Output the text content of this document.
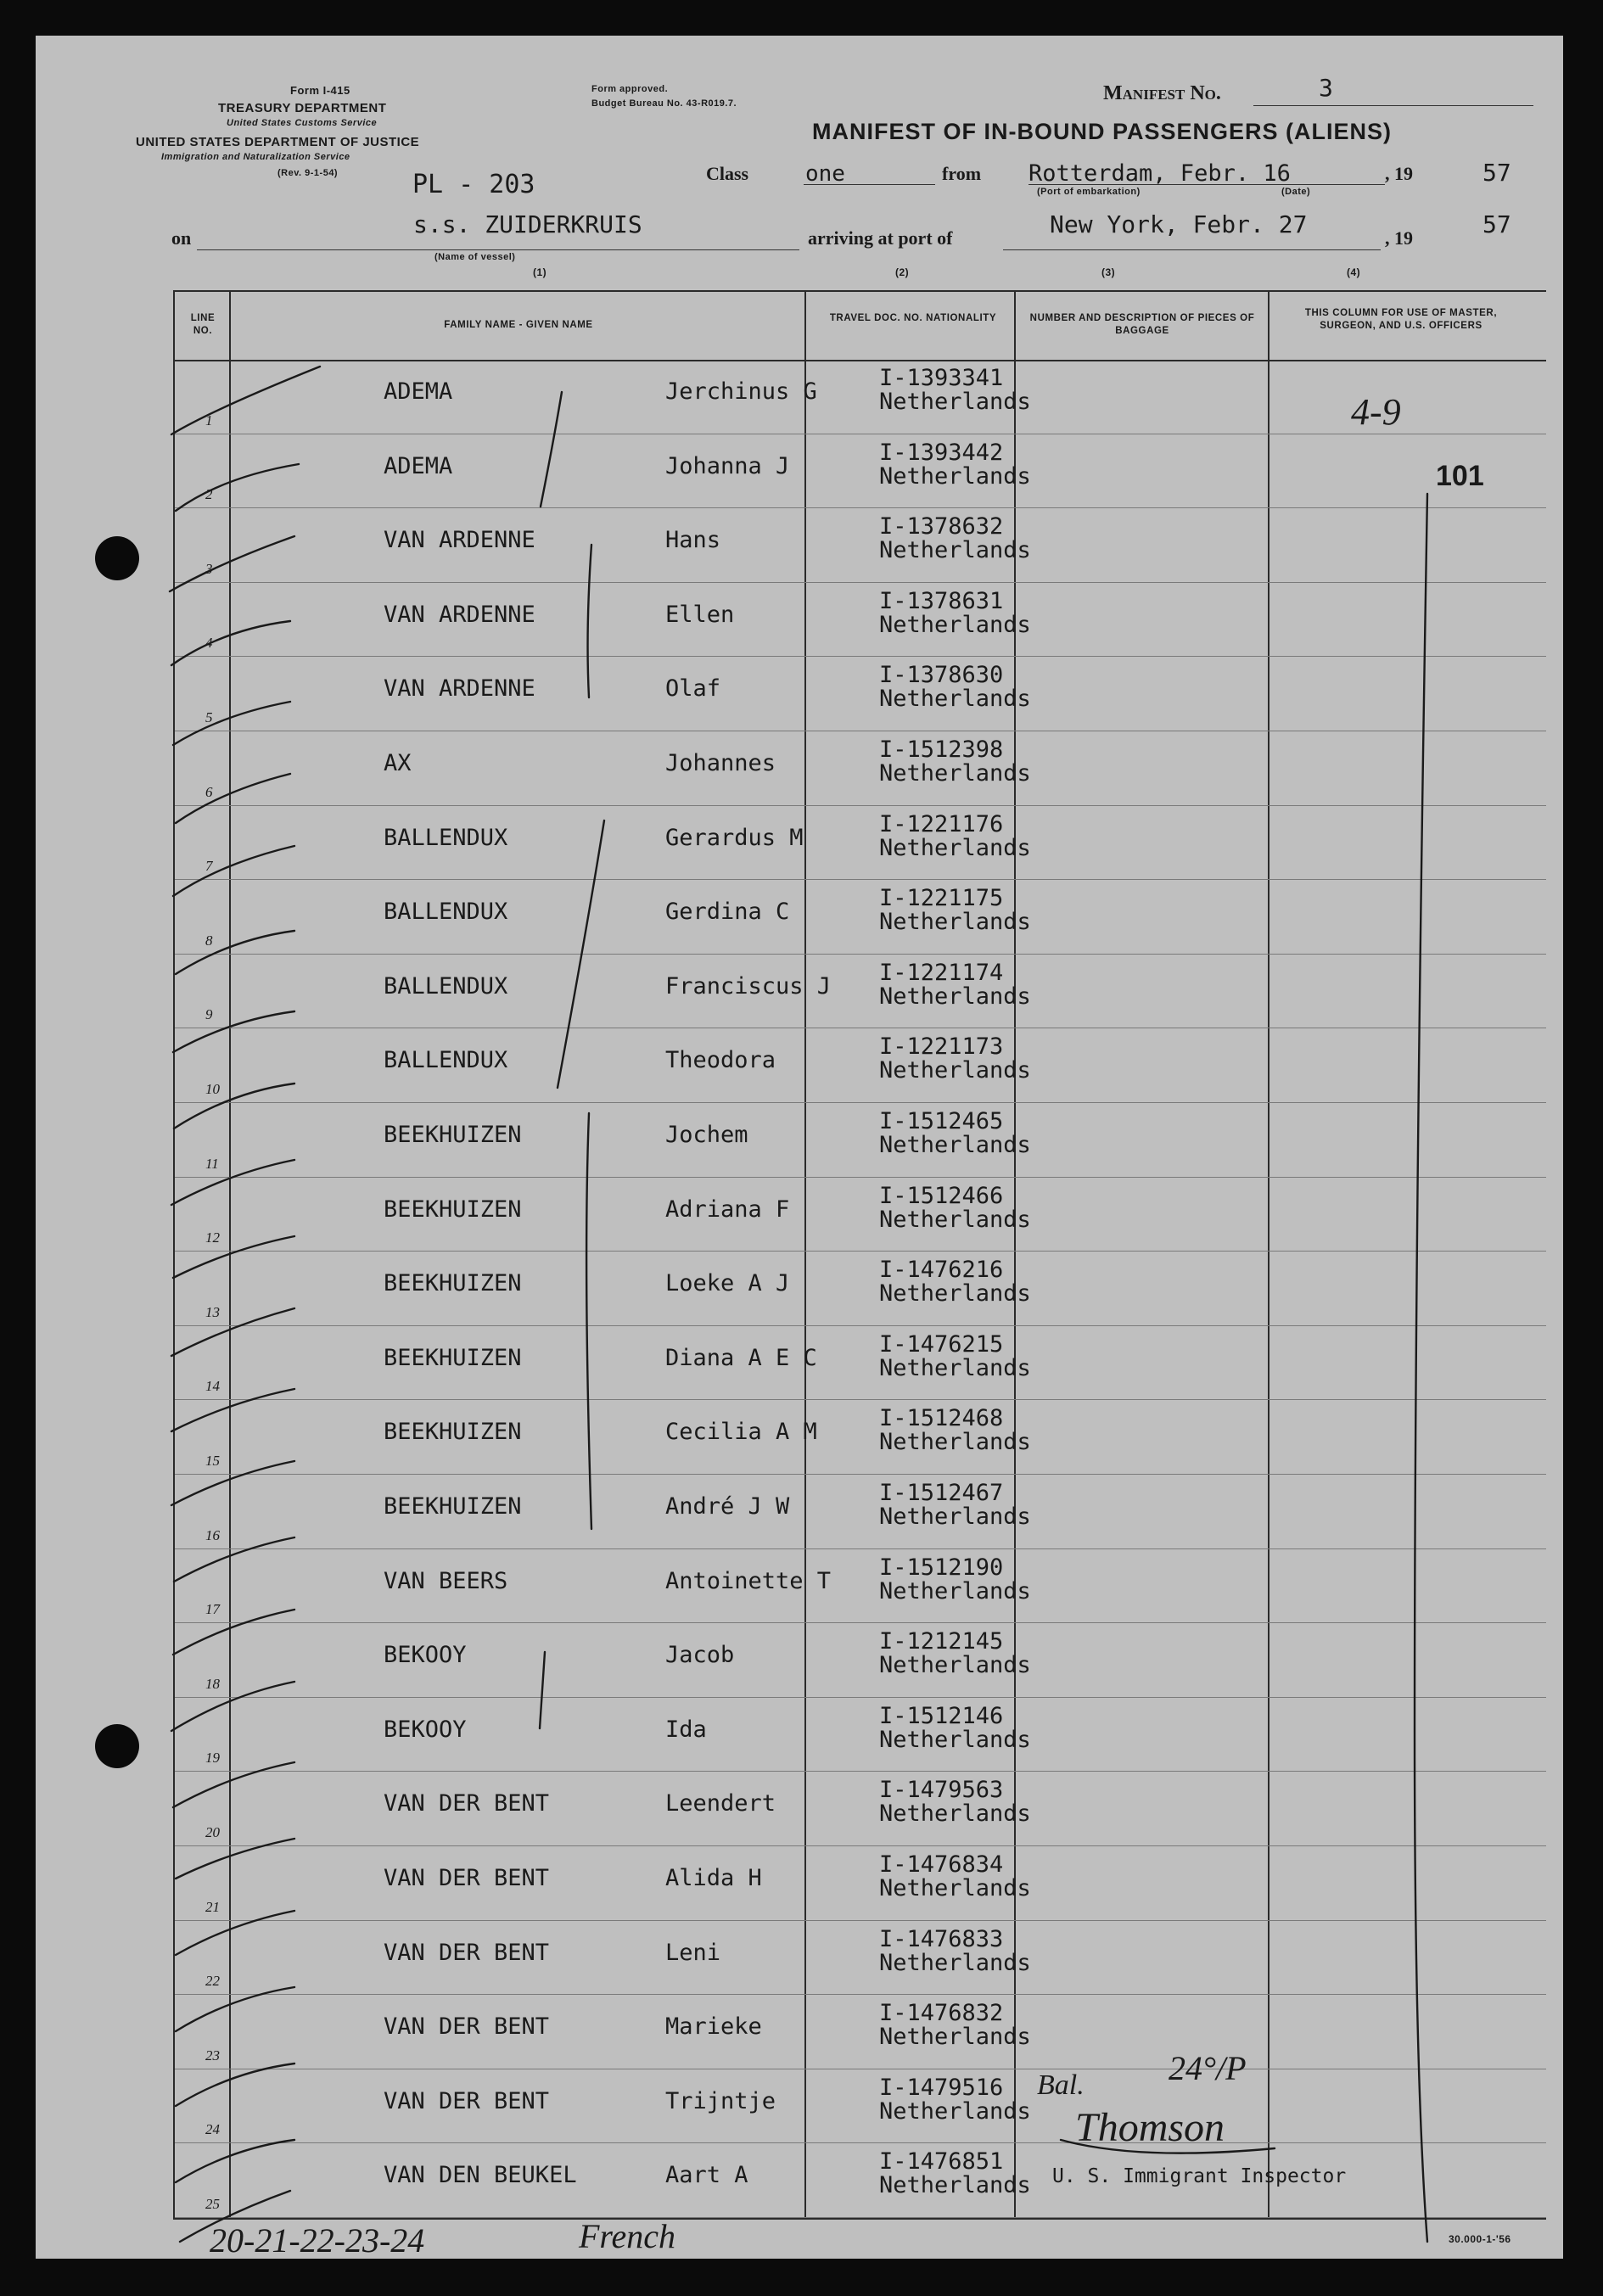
Form I-415
TREASURY DEPARTMENT
United States Customs Service
UNITED STATES DEPARTMENT OF JUSTICE
Immigration and Naturalization Service
(Rev. 9-1-54)	PL - 203
Form approved.
Budget Bureau No. 43-R019.7.	Manifest No.	3
MANIFEST OF IN-BOUND PASSENGERS (ALIENS)
Class	one	from Rotterdam, Febr. 16
(Port of embarkation)	(Date)
, 19	57
on	s.s. ZUIDERKRUIS
(Name of vessel)
arriving at port of	New York, Febr. 27	, 19	57
(1)	(2)	(3)	(4)
LINE NO.
FAMILY NAME - GIVEN NAME
TRAVEL DOC. NO. NATIONALITY	NUMBER AND DESCRIPTION OF PIECES OF BAGGAGE
THIS COLUMN FOR USE OF MASTER, SURGEON, AND U.S. OFFICERS
1
ADEMA	Jerchinus G
I-1393341
Netherlands
2
ADEMA	Johanna J
I-1393442
Netherlands
3
VAN ARDENNE	Hans
I-1378632
Netherlands
4
VAN ARDENNE	Ellen
I-1378631
Netherlands
5
VAN ARDENNE	Olaf
I-1378630
Netherlands
6
AX	Johannes
I-1512398
Netherlands
7
BALLENDUX	Gerardus M
I-1221176
Netherlands
8
BALLENDUX	Gerdina C
I-1221175
Netherlands
9
BALLENDUX	Franciscus J
I-1221174
Netherlands
10
BALLENDUX	Theodora
I-1221173
Netherlands
11
BEEKHUIZEN	Jochem
I-1512465
Netherlands
12
BEEKHUIZEN	Adriana F
I-1512466
Netherlands
13
BEEKHUIZEN	Loeke A J
I-1476216
Netherlands
14
BEEKHUIZEN	Diana A E C
I-1476215
Netherlands
15
BEEKHUIZEN	Cecilia A M
I-1512468
Netherlands
16
BEEKHUIZEN	André J W
I-1512467
Netherlands
17
VAN BEERS	Antoinette T
I-1512190
Netherlands
18
BEKOOY	Jacob
I-1212145
Netherlands
19
BEKOOY	Ida
I-1512146
Netherlands
20
VAN DER BENT	Leendert
I-1479563
Netherlands
21
VAN DER BENT	Alida H
I-1476834
Netherlands
22
VAN DER BENT	Leni
I-1476833
Netherlands
23
VAN DER BENT	Marieke
I-1476832
Netherlands
24
VAN DER BENT	Trijntje
I-1479516
Netherlands
25
VAN DEN BEUKEL	Aart A
I-1476851
Netherlands
4-9
101
Bal. 24°/P
Thomson
U. S. Immigrant Inspector
20-21-22-23-24	French	30.000-1-'56
